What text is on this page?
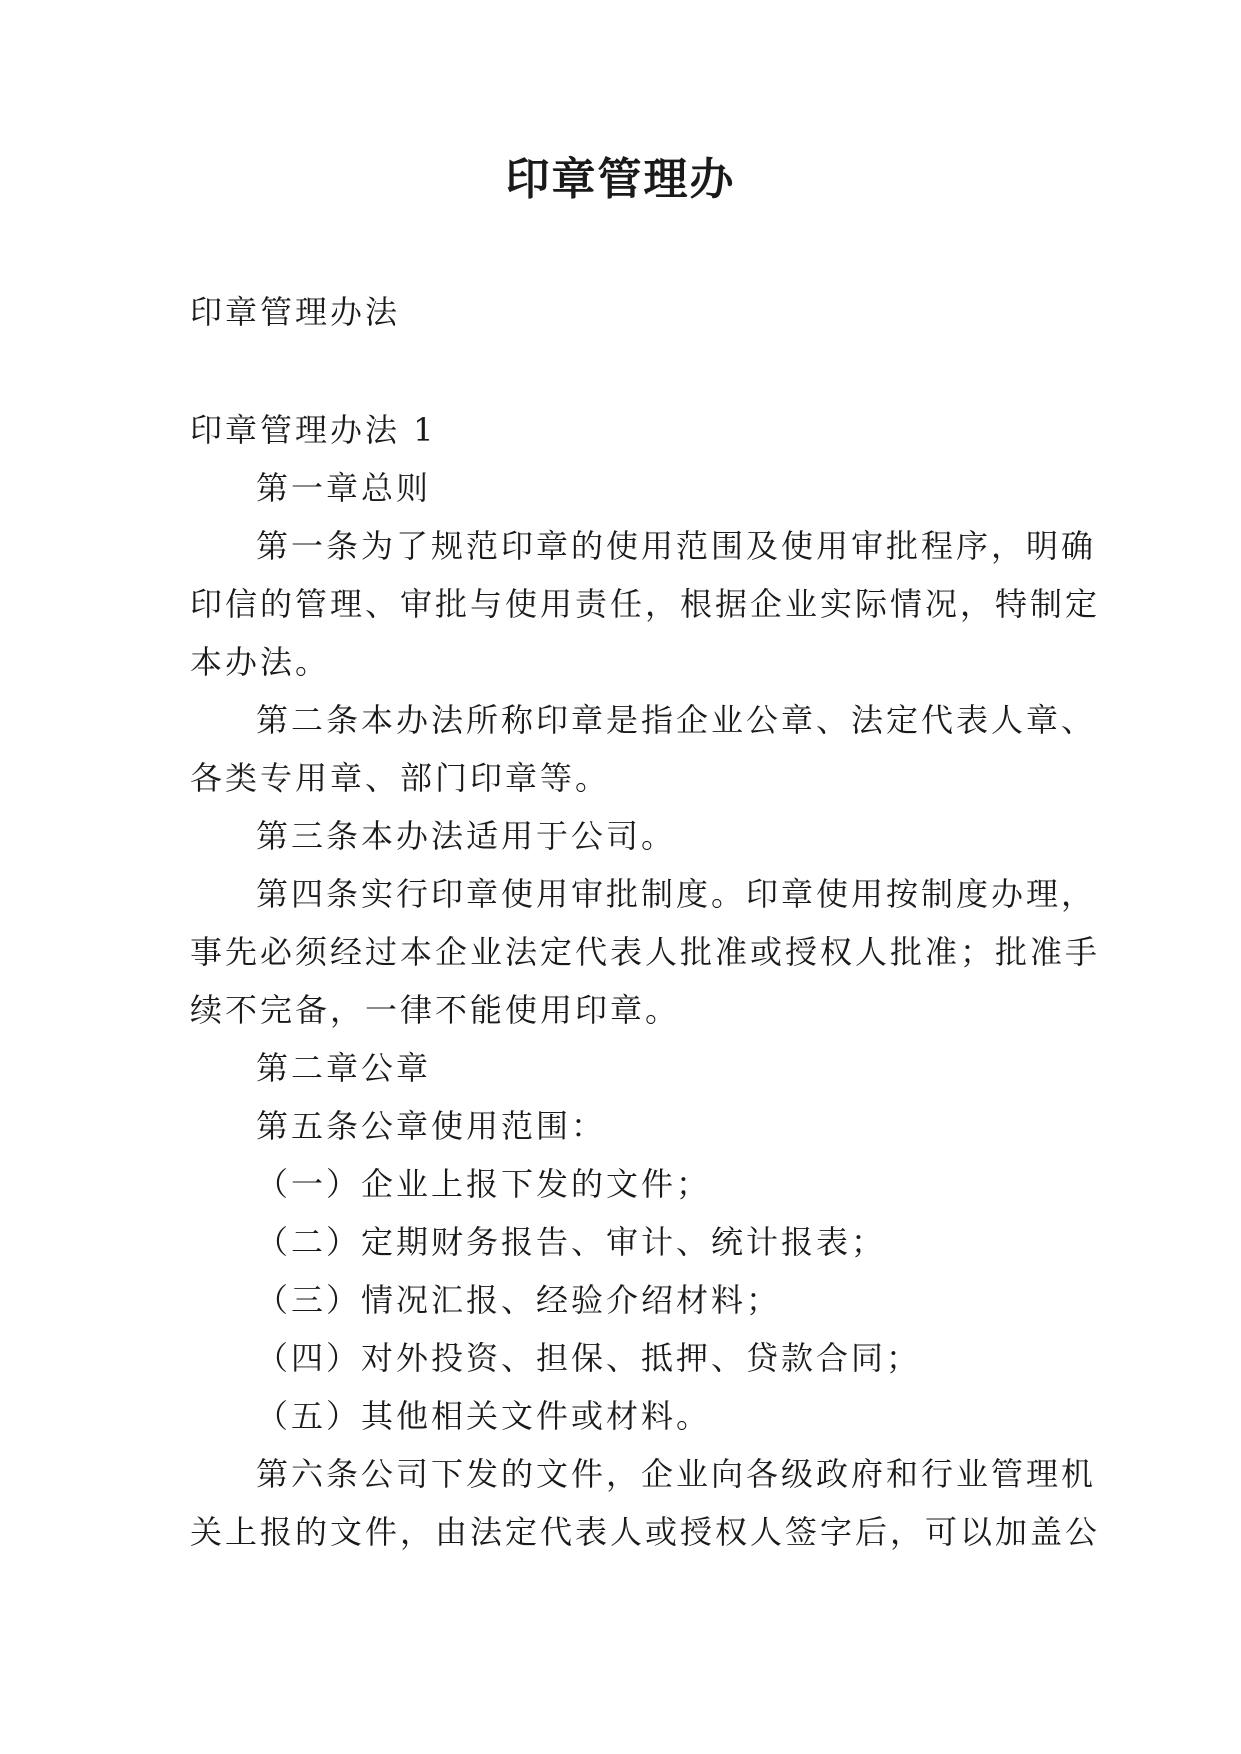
印章管理办

印章管理办法

印章管理办法 1

第一章总则

第一条为了规范印章的使用范围及使用审批程序，明确

印信的管理、审批与使用责任，根据企业实际情况，特制定

本办法。

第二条本办法所称印章是指企业公章、法定代表人章、

各类专用章、部门印章等。

第三条本办法适用于公司。

第四条实行印章使用审批制度。印章使用按制度办理，

事先必须经过本企业法定代表人批准或授权人批准；批准手

续不完备，一律不能使用印章。

第二章公章

第五条公章使用范围：

（一）企业上报下发的文件；

（二）定期财务报告、审计、统计报表；

（三）情况汇报、经验介绍材料；

（四）对外投资、担保、抵押、贷款合同；

（五）其他相关文件或材料。

第六条公司下发的文件，企业向各级政府和行业管理机

关上报的文件，由法定代表人或授权人签字后，可以加盖公
